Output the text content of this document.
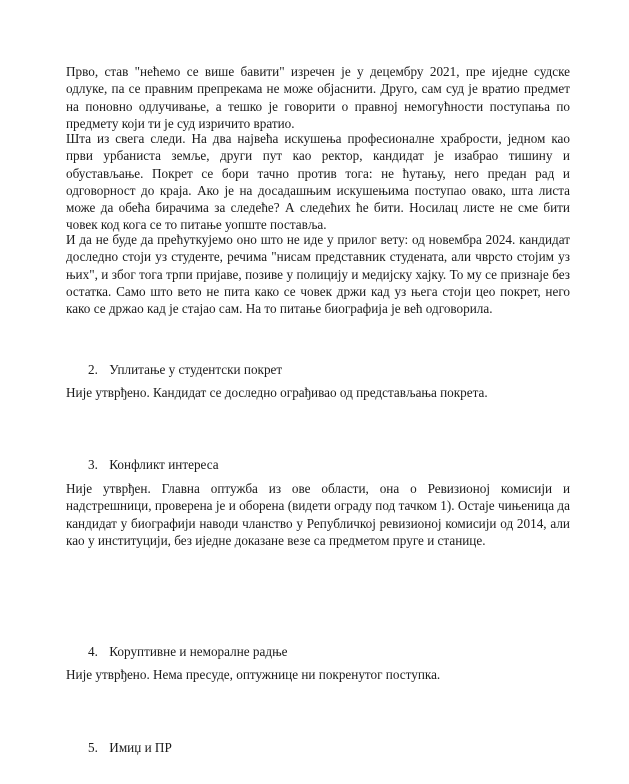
Прво, став "нећемо се више бавити" изречен је у децембру 2021, пре иједне судске одлуке, па се правним препрекама не може објаснити. Друго, сам суд је вратио предмет на поновно одлучивање, а тешко је говорити о правној немогућности поступања по предмету који ти је суд изричито вратио.

Шта из свега следи. На два највећа искушења професионалне храбрости, једном као први урбаниста земље, други пут као ректор, кандидат је изабрао тишину и обустављање. Покрет се бори тачно против тога: не ћутању, него предан рад и одговорност до краја. Ако је на досадашњим искушењима поступао овако, шта листа може да обећа бирачима за следеће? А следећих ће бити. Носилац листе не сме бити човек код кога се то питање уопште поставља.

И да не буде да прећуткујемо оно што не иде у прилог вету: од новембра 2024. кандидат доследно стоји уз студенте, речима "нисам представник студената, али чврсто стојим уз њих", и због тога трпи пријаве, позиве у полицију и медијску хајку. То му се признаје без остатка. Само што вето не пита како се човек држи кад уз њега стоји цео покрет, него како се држао кад је стајао сам. На то питање биографија је већ одговорила.

2. Уплитање у студентски покрет

Није утврђено. Кандидат се доследно ограђивао од представљања покрета.

3. Конфликт интереса

Није утврђен. Главна оптужба из ове области, она о Ревизионој комисији и надстрешници, проверена је и оборена (видети ограду под тачком 1). Остаје чињеница да кандидат у биографији наводи чланство у Републичкој ревизионој комисији од 2014, али као у институцији, без иједне доказане везе са предметом пруге и станице.

4. Коруптивне и неморалне радње

Није утврђено. Нема пресуде, оптужнице ни покренутог поступка.

5. Имиџ и ПР
